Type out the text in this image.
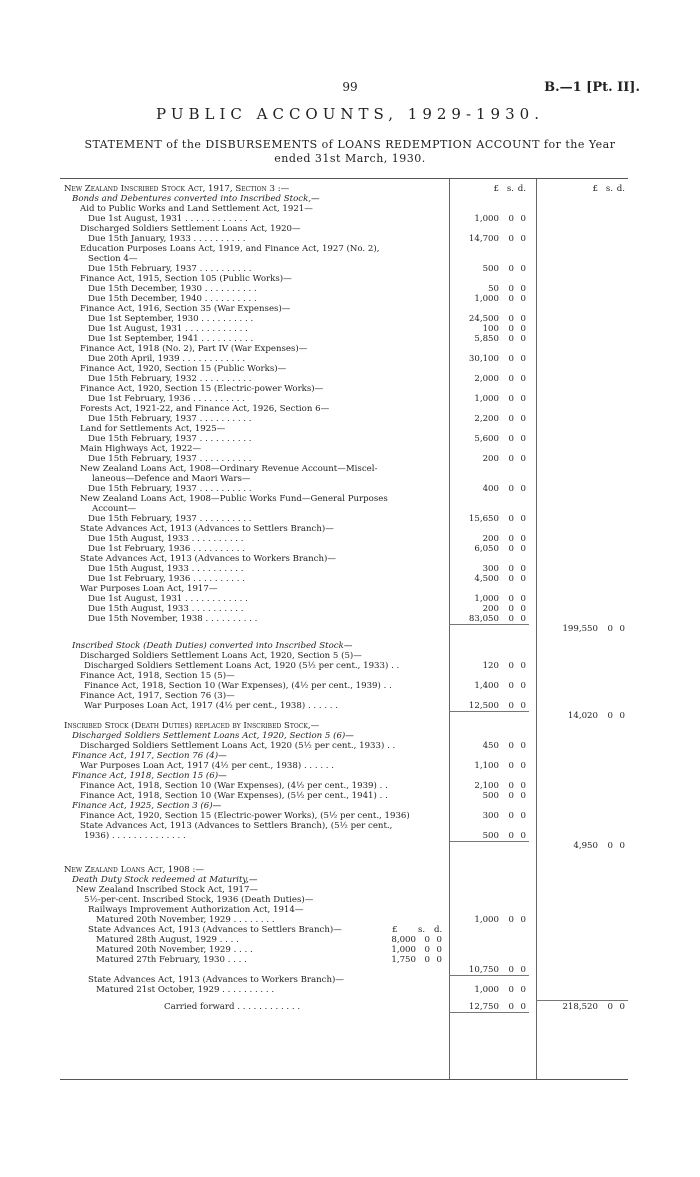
99	B.—1 [Pt. II].
PUBLIC ACCOUNTS, 1929-1930.
STATEMENT of the DISBURSEMENTS of LOANS REDEMPTION ACCOUNT for the Year
ended 31st March, 1930.
New Zealand Inscribed Stock Act, 1917, Section 3 :—	£ s. d.	£ s. d.
Bonds and Debentures converted into Inscribed Stock,—
Aid to Public Works and Land Settlement Act, 1921—
Due 1st August, 1931 . . . . . . . . . . . .	1,000 0 0
Discharged Soldiers Settlement Loans Act, 1920—
Due 15th January, 1933 . . . . . . . . . .	14,700 0 0
Education Purposes Loans Act, 1919, and Finance Act, 1927 (No. 2),
Section 4—
Due 15th February, 1937 . . . . . . . . . .	500 0 0
Finance Act, 1915, Section 105 (Public Works)—
Due 15th December, 1930 . . . . . . . . . .	50 0 0
Due 15th December, 1940 . . . . . . . . . .	1,000 0 0
Finance Act, 1916, Section 35 (War Expenses)—
Due 1st September, 1930 . . . . . . . . . .	24,500 0 0
Due 1st August, 1931 . . . . . . . . . . . .	100 0 0
Due 1st September, 1941 . . . . . . . . . .	5,850 0 0
Finance Act, 1918 (No. 2), Part IV (War Expenses)—
Due 20th April, 1939 . . . . . . . . . . . .	30,100 0 0
Finance Act, 1920, Section 15 (Public Works)—
Due 15th February, 1932 . . . . . . . . . .	2,000 0 0
Finance Act, 1920, Section 15 (Electric-power Works)—
Due 1st February, 1936 . . . . . . . . . .	1,000 0 0
Forests Act, 1921-22, and Finance Act, 1926, Section 6—
Due 15th February, 1937 . . . . . . . . . .	2,200 0 0
Land for Settlements Act, 1925—
Due 15th February, 1937 . . . . . . . . . .	5,600 0 0
Main Highways Act, 1922—
Due 15th February, 1937 . . . . . . . . . .	200 0 0
New Zealand Loans Act, 1908—Ordinary Revenue Account—Miscel-
laneous—Defence and Maori Wars—
Due 15th February, 1937 . . . . . . . . . .	400 0 0
New Zealand Loans Act, 1908—Public Works Fund—General Purposes
Account—
Due 15th February, 1937 . . . . . . . . . .	15,650 0 0
State Advances Act, 1913 (Advances to Settlers Branch)—
Due 15th August, 1933 . . . . . . . . . .	200 0 0
Due 1st February, 1936 . . . . . . . . . .	6,050 0 0
State Advances Act, 1913 (Advances to Workers Branch)—
Due 15th August, 1933 . . . . . . . . . .	300 0 0
Due 1st February, 1936 . . . . . . . . . .	4,500 0 0
War Purposes Loan Act, 1917—
Due 1st August, 1931 . . . . . . . . . . . .	1,000 0 0
Due 15th August, 1933 . . . . . . . . . .	200 0 0
Due 15th November, 1938 . . . . . . . . . .	83,050 0 0
199,550 0 0
Inscribed Stock (Death Duties) converted into Inscribed Stock—
Discharged Soldiers Settlement Loans Act, 1920, Section 5 (5)—
Discharged Soldiers Settlement Loans Act, 1920 (5½ per cent., 1933) . .	120 0 0
Finance Act, 1918, Section 15 (5)—
Finance Act, 1918, Section 10 (War Expenses), (4½ per cent., 1939) . .	1,400 0 0
Finance Act, 1917, Section 76 (3)—
War Purposes Loan Act, 1917 (4½ per cent., 1938) . . . . . .	12,500 0 0
14,020 0 0
Inscribed Stock (Death Duties) replaced by Inscribed Stock,—
Discharged Soldiers Settlement Loans Act, 1920, Section 5 (6)—
Discharged Soldiers Settlement Loans Act, 1920 (5½ per cent., 1933) . .	450 0 0
Finance Act, 1917, Section 76 (4)—
War Purposes Loan Act, 1917 (4½ per cent., 1938) . . . . . .	1,100 0 0
Finance Act, 1918, Section 15 (6)—
Finance Act, 1918, Section 10 (War Expenses), (4½ per cent., 1939) . .	2,100 0 0
Finance Act, 1918, Section 10 (War Expenses), (5½ per cent., 1941) . .	500 0 0
Finance Act, 1925, Section 3 (6)—
Finance Act, 1920, Section 15 (Electric-power Works), (5½ per cent., 1936)	300 0 0
State Advances Act, 1913 (Advances to Settlers Branch), (5½ per cent.,
1936) . . . . . . . . . . . . . .	500 0 0
4,950 0 0
New Zealand Loans Act, 1908 :—
Death Duty Stock redeemed at Maturity,—
New Zealand Inscribed Stock Act, 1917—
5½-per-cent. Inscribed Stock, 1936 (Death Duties)—
Railways Improvement Authorization Act, 1914—
Matured 20th November, 1929 . . . . . . . .	1,000 0 0
State Advances Act, 1913 (Advances to Settlers Branch)—	£ s. d.
Matured 28th August, 1929 . . . .	8,000 0 0
Matured 20th November, 1929 . . . .	1,000 0 0
Matured 27th February, 1930 . . . .	1,750 0 0
10,750 0 0
State Advances Act, 1913 (Advances to Workers Branch)—
Matured 21st October, 1929 . . . . . . . . . .	1,000 0 0
Carried forward . . . . . . . . . . . .	12,750 0 0	218,520 0 0
